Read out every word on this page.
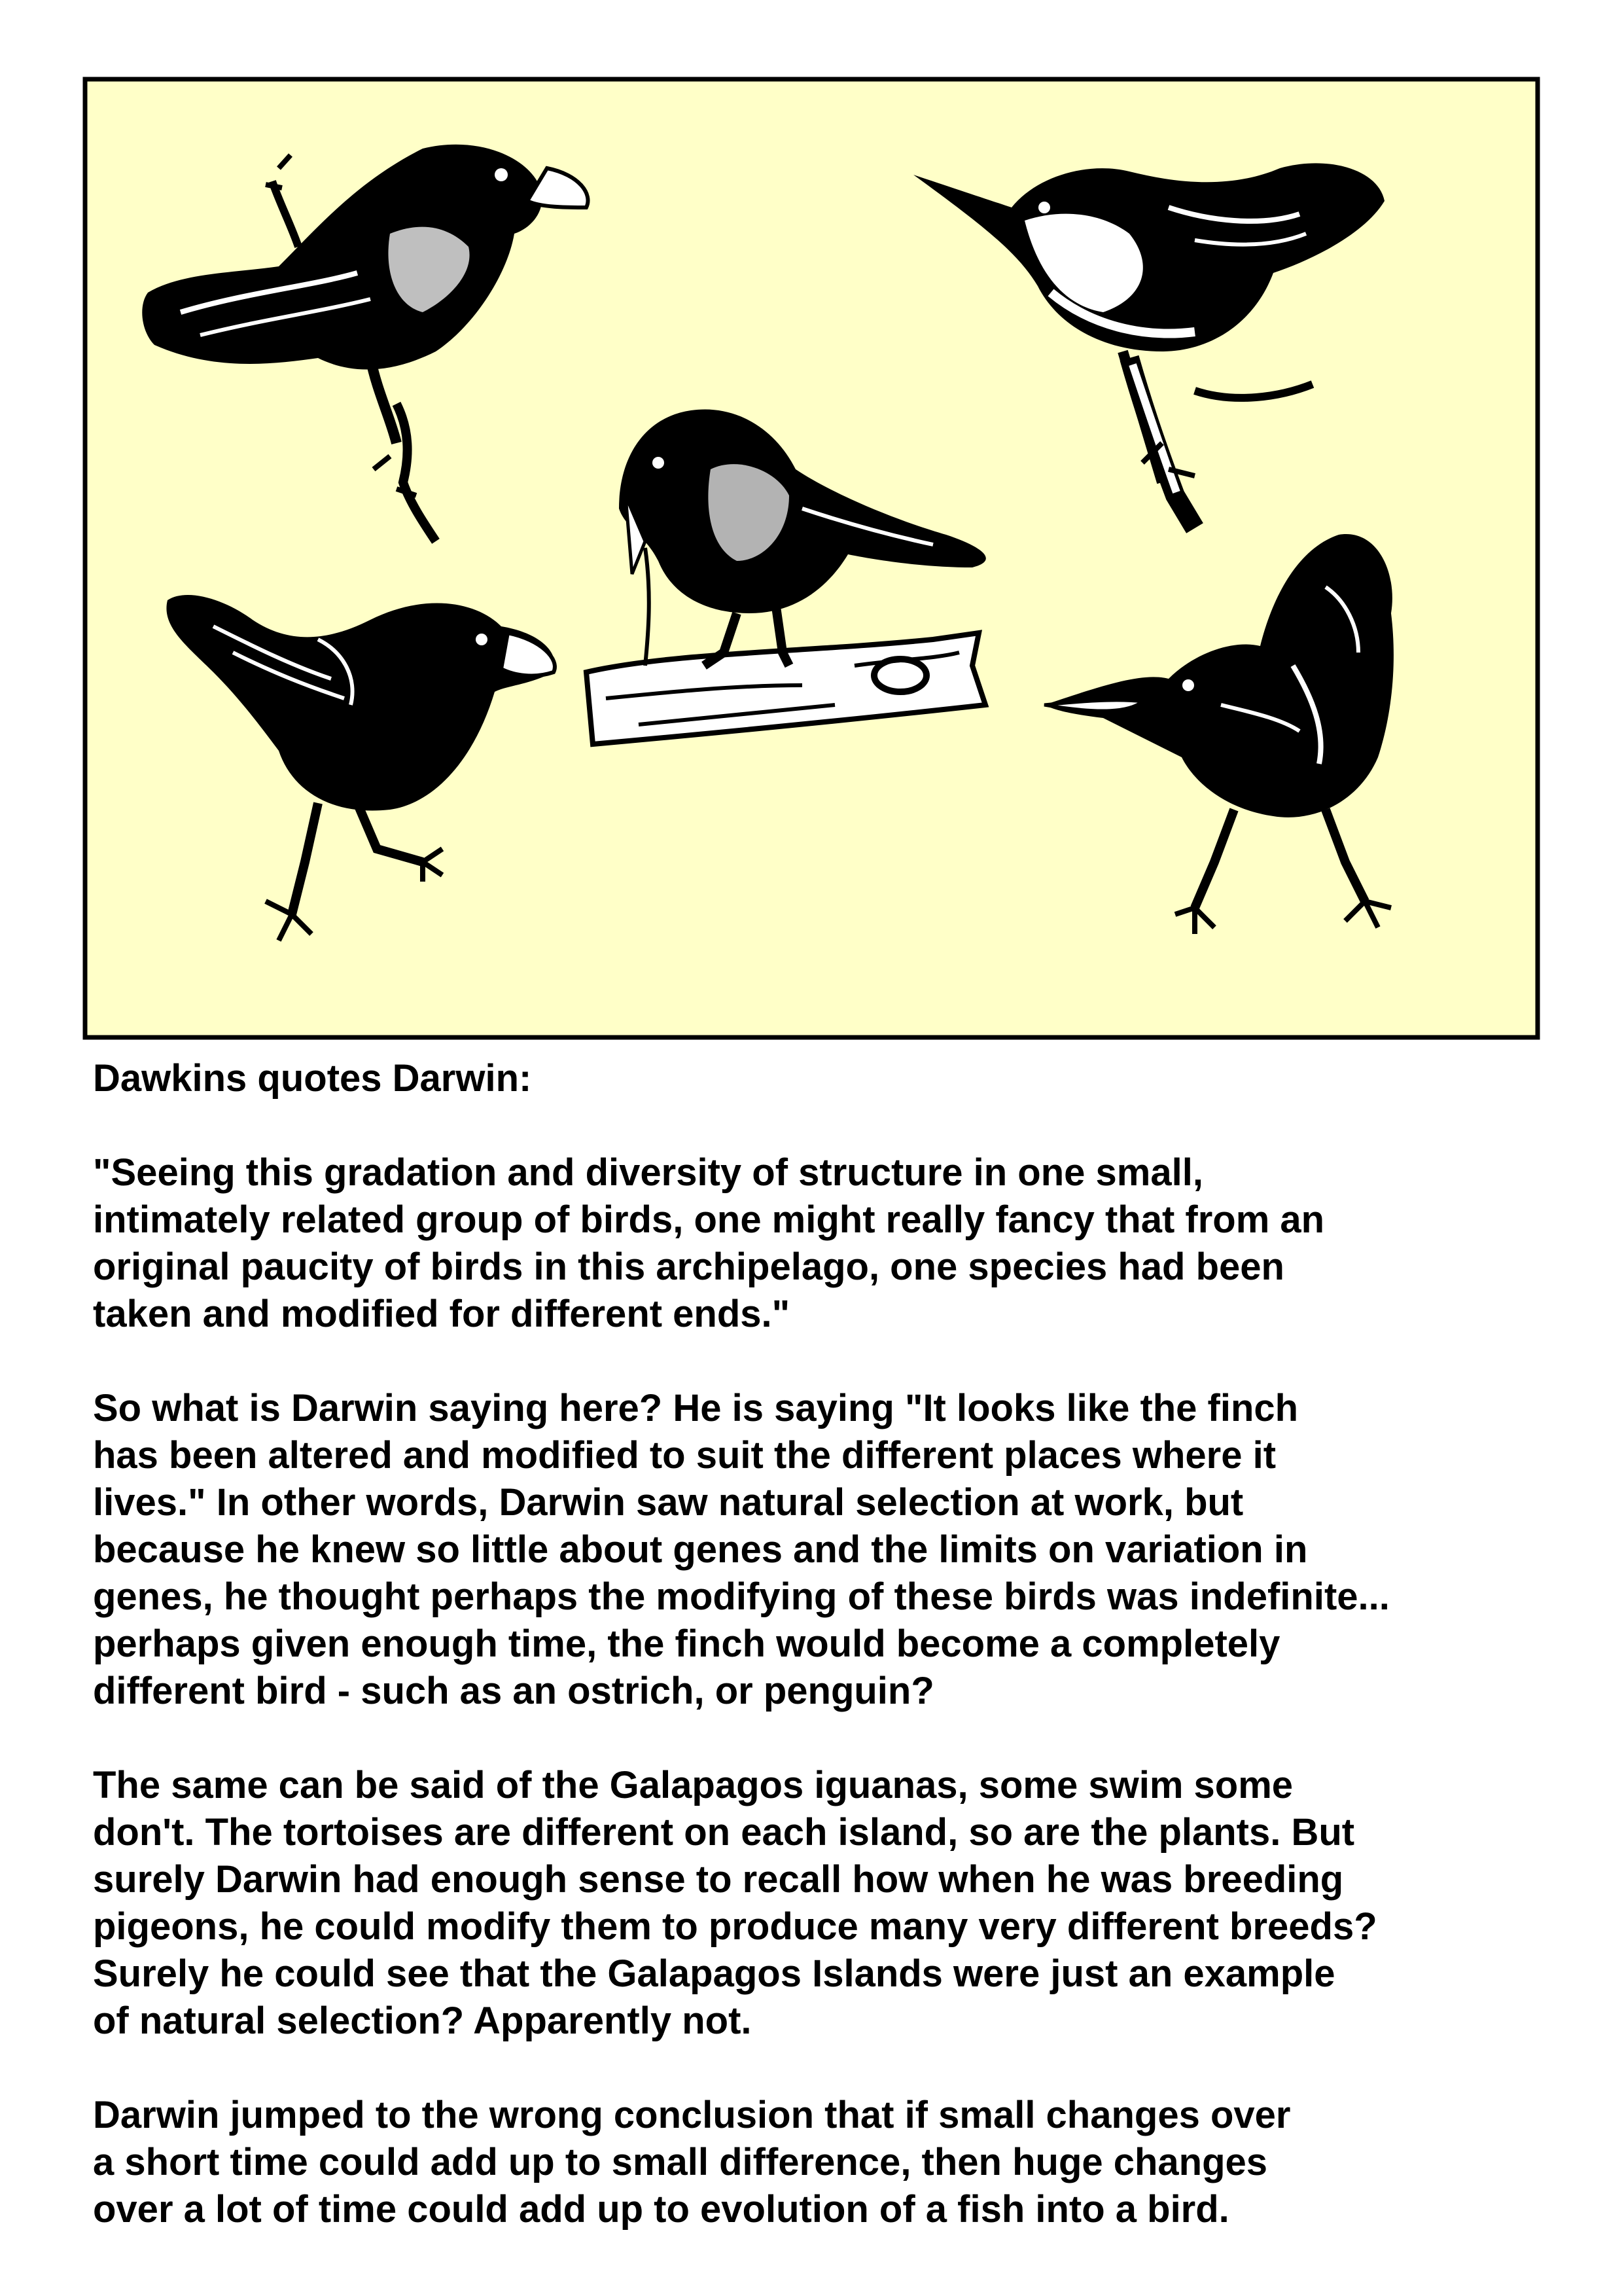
Dawkins quotes Darwin:

"Seeing this gradation and diversity of structure in one small,
intimately related group of birds, one might really fancy that from an
original paucity of birds in this archipelago, one species had been
taken and modified for different ends."

So what is Darwin saying here? He is saying "It looks like the finch
has been altered and modified to suit the different places where it
lives." In other words, Darwin saw natural selection at work, but
because he knew so little about genes and the limits on variation in
genes, he thought perhaps the modifying of these birds was indefinite...
perhaps given enough time, the finch would become a completely
different bird - such as an ostrich, or penguin?

The same can be said of the Galapagos iguanas, some swim some
don't. The tortoises are different on each island, so are the plants. But
surely Darwin had enough sense to recall how when he was breeding
pigeons, he could modify them to produce many very different breeds?
Surely he could see that the Galapagos Islands were just an example
of natural selection? Apparently not.

Darwin jumped to the wrong conclusion that if small changes over
a short time could add up to small difference, then huge changes
over a lot of time could add up to evolution of a fish into a bird.
